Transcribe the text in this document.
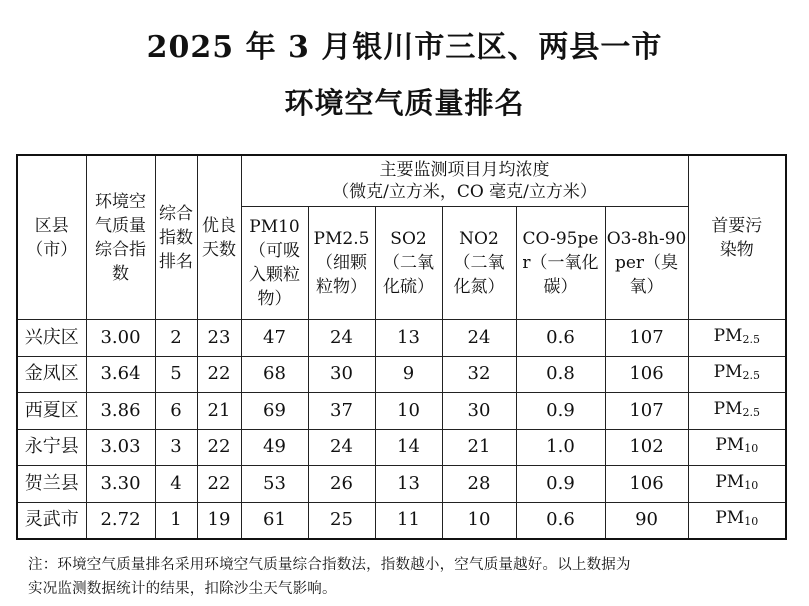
2025 年 3 月银川市三区、两县一市
环境空气质量排名
区县（市）	环境空气质量综合指数	综合指数排名	优良天数	主要监测项目月均浓度
（微克/立方米，CO 毫克/立方米）						首要污染物

				PM10（可吸入颗粒物）	PM2.5（细颗粒物）	SO2（二氧化硫）	NO2（二氧化氮）	CO-95per（一氧化碳）	O3-8h-90 per（臭氧）	

兴庆区	3.00	2	23	47	24	13	24	0.6	107	$PM_{2.5}$
金凤区	3.64	5	22	68	30	9	32	0.8	106	$PM_{2.5}$
西夏区	3.86	6	21	69	37	10	30	0.9	107	$PM_{2.5}$
永宁县	3.03	3	22	49	24	14	21	1.0	102	$PM_{10}$
贺兰县	3.30	4	22	53	26	13	28	0.9	106	$PM_{10}$
灵武市	2.72	1	19	61	25	11	10	0.6	90	$PM_{10}$
注：环境空气质量排名采用环境空气质量综合指数法，指数越小，空气质量越好。以上数据为
实况监测数据统计的结果，扣除沙尘天气影响。
